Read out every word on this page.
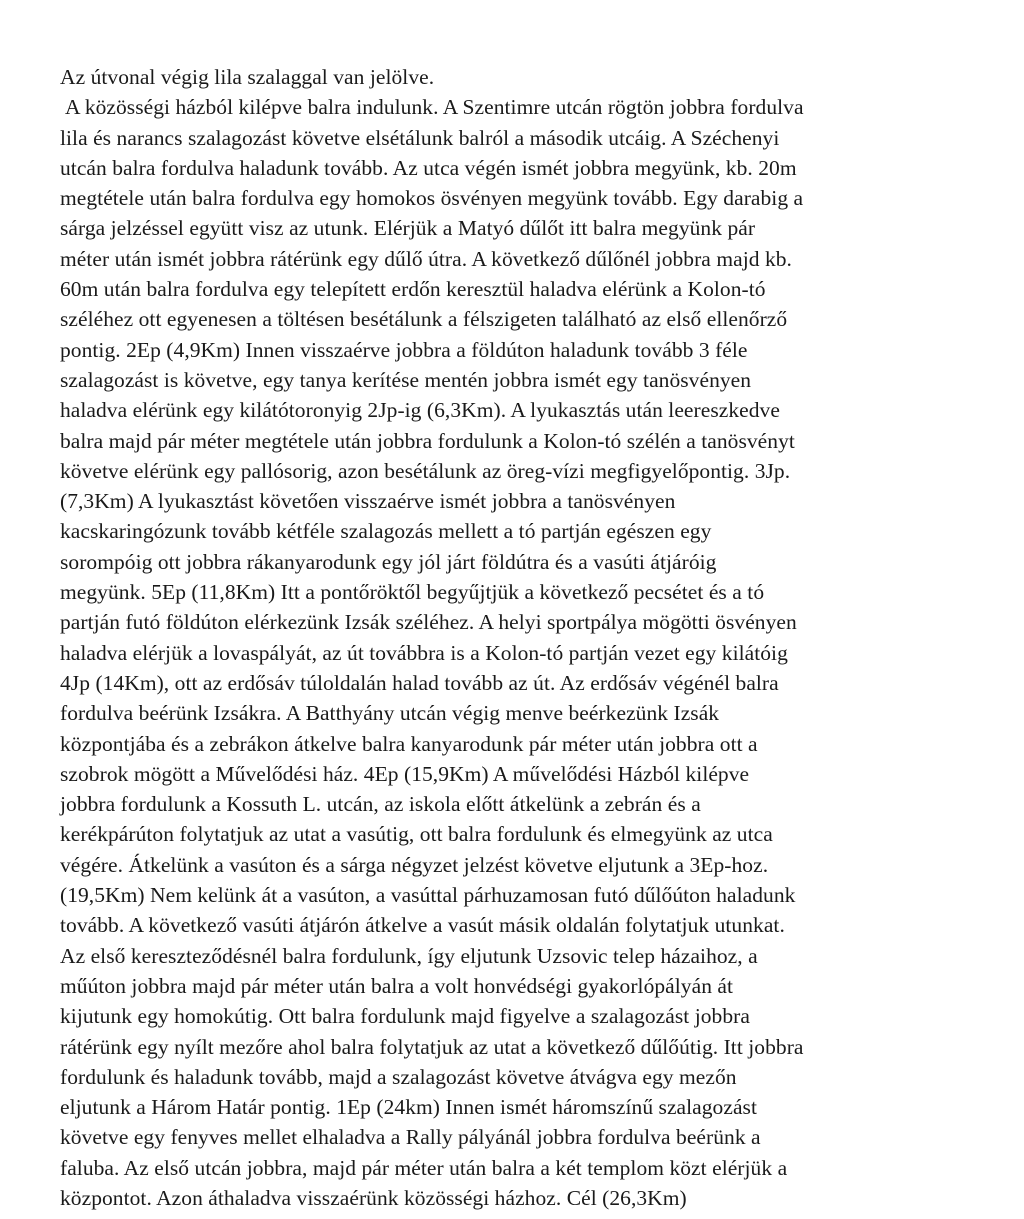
Az útvonal végig lila szalaggal van jelölve.
A közösségi házból kilépve balra indulunk. A Szentimre utcán rögtön jobbra fordulva
lila és narancs szalagozást követve elsétálunk balról a második utcáig. A Széchenyi
utcán balra fordulva haladunk tovább. Az utca végén ismét jobbra megyünk, kb. 20m
megtétele után balra fordulva egy homokos ösvényen megyünk tovább. Egy darabig a
sárga jelzéssel együtt visz az utunk. Elérjük a Matyó dűlőt itt balra megyünk pár
méter után ismét jobbra rátérünk egy dűlő útra. A következő dűlőnél jobbra majd kb.
60m után balra fordulva egy telepített erdőn keresztül haladva elérünk a Kolon-tó
széléhez ott egyenesen a töltésen besétálunk a félszigeten található az első ellenőrző
pontig. 2Ep (4,9Km) Innen visszaérve jobbra a földúton haladunk tovább 3 féle
szalagozást is követve, egy tanya kerítése mentén jobbra ismét egy tanösvényen
haladva elérünk egy kilátótoronyig 2Jp-ig (6,3Km). A lyukasztás után leereszkedve
balra majd pár méter megtétele után jobbra fordulunk a Kolon-tó szélén a tanösvényt
követve elérünk egy pallósorig, azon besétálunk az öreg-vízi megfigyelőpontig. 3Jp.
(7,3Km) A lyukasztást követően visszaérve ismét jobbra a tanösvényen
kacskaringózunk tovább kétféle szalagozás mellett a tó partján egészen egy
sorompóig ott jobbra rákanyarodunk egy jól járt földútra és a vasúti átjáróig
megyünk. 5Ep (11,8Km) Itt a pontőröktől begyűjtjük a következő pecsétet és a tó
partján futó földúton elérkezünk Izsák széléhez. A helyi sportpálya mögötti ösvényen
haladva elérjük a lovaspályát, az út továbbra is a Kolon-tó partján vezet egy kilátóig
4Jp (14Km), ott az erdősáv túloldalán halad tovább az út. Az erdősáv végénél balra
fordulva beérünk Izsákra. A Batthyány utcán végig menve beérkezünk Izsák
központjába és a zebrákon átkelve balra kanyarodunk pár méter után jobbra ott a
szobrok mögött a Művelődési ház. 4Ep (15,9Km) A művelődési Házból kilépve
jobbra fordulunk a Kossuth L. utcán, az iskola előtt átkelünk a zebrán és a
kerékpárúton folytatjuk az utat a vasútig, ott balra fordulunk és elmegyünk az utca
végére. Átkelünk a vasúton és a sárga négyzet jelzést követve eljutunk a 3Ep-hoz.
(19,5Km) Nem kelünk át a vasúton, a vasúttal párhuzamosan futó dűlőúton haladunk
tovább. A következő vasúti átjárón átkelve a vasút másik oldalán folytatjuk utunkat.
Az első kereszteződésnél balra fordulunk, így eljutunk Uzsovic telep házaihoz, a
műúton jobbra majd pár méter után balra a volt honvédségi gyakorlópályán át
kijutunk egy homokútig. Ott balra fordulunk majd figyelve a szalagozást jobbra
rátérünk egy nyílt mezőre ahol balra folytatjuk az utat a következő dűlőútig. Itt jobbra
fordulunk és haladunk tovább, majd a szalagozást követve átvágva egy mezőn
eljutunk a Három Határ pontig. 1Ep (24km) Innen ismét háromszínű szalagozást
követve egy fenyves mellet elhaladva a Rally pályánál jobbra fordulva beérünk a
faluba. Az első utcán jobbra, majd pár méter után balra a két templom közt elérjük a
központot. Azon áthaladva visszaérünk közösségi házhoz. Cél (26,3Km)
